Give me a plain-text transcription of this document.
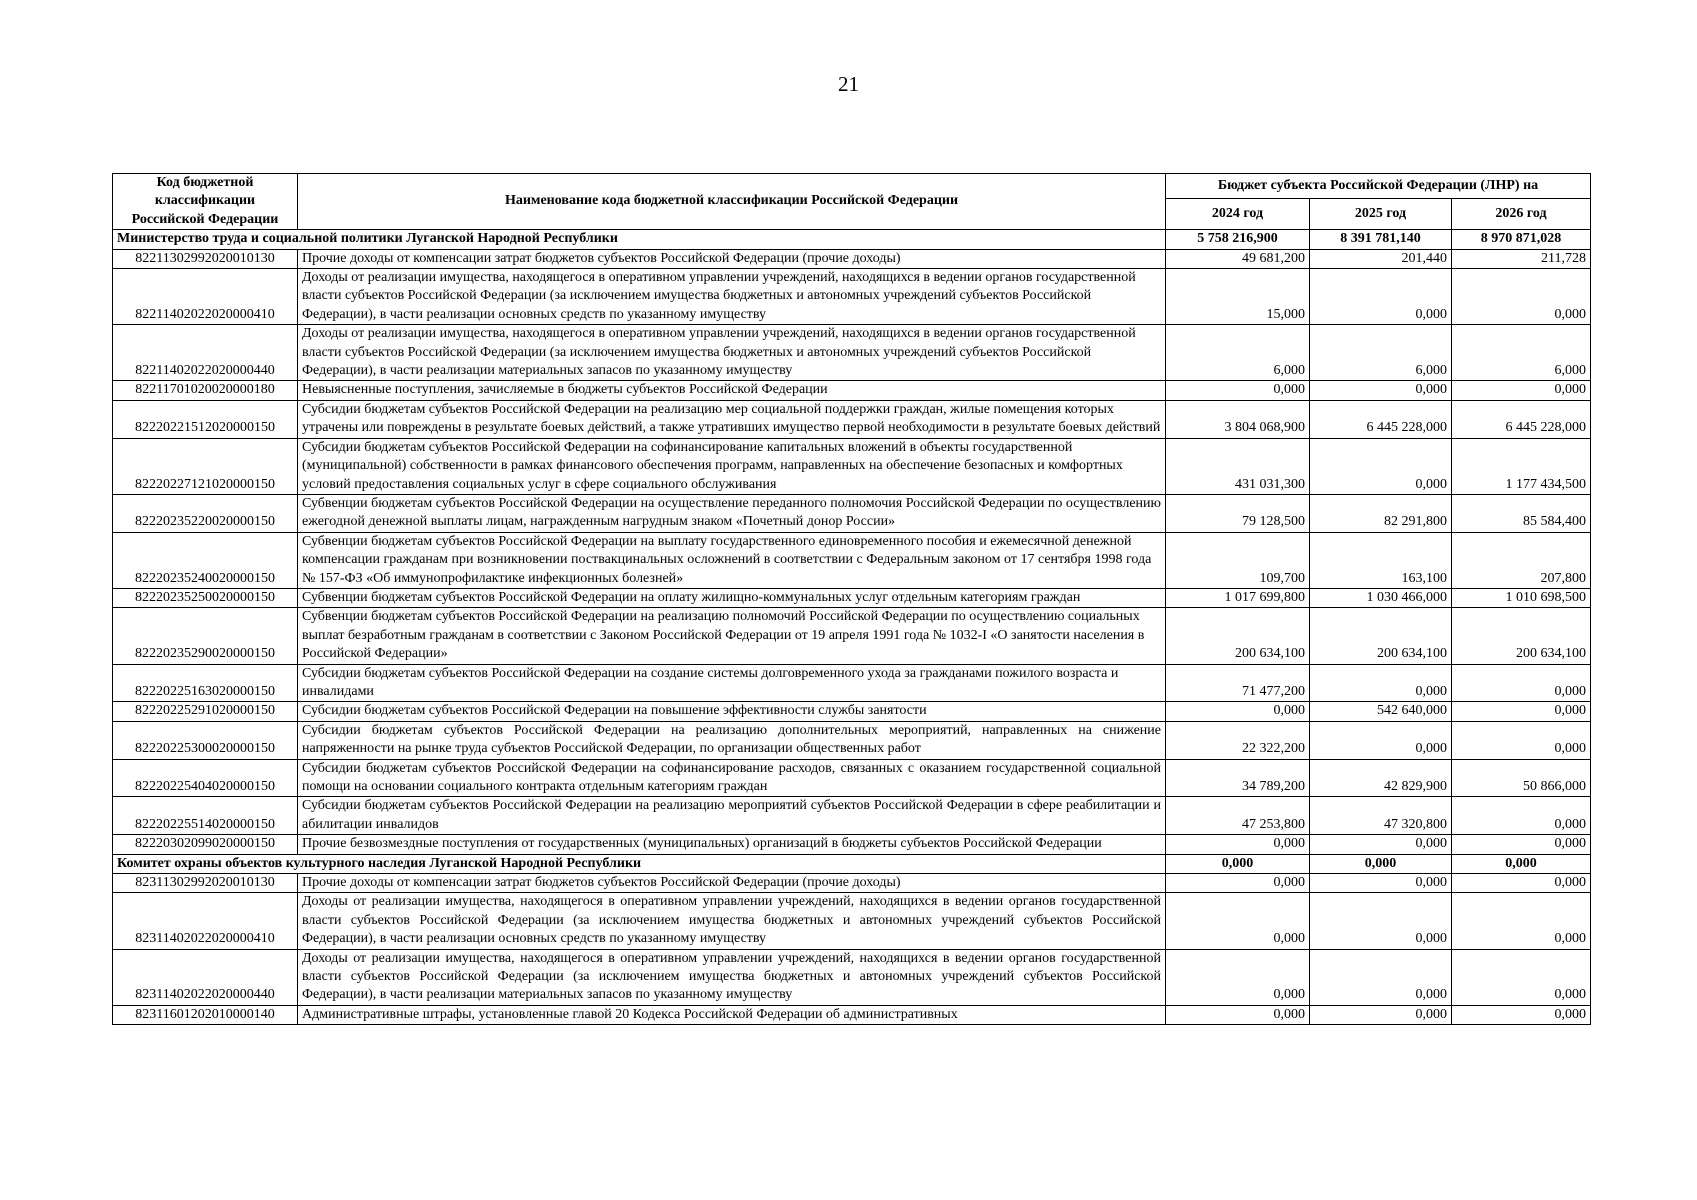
21
Код бюджетной классификации Российской Федерации	Наименование кода бюджетной классификации Российской Федерации	Бюджет субъекта Российской Федерации (ЛНР) на		
		2024 год	2025 год	2026 год
Министерство труда и социальной политики Луганской Народной Республики		5 758 216,900	8 391 781,140	8 970 871,028
82211302992020010130	Прочие доходы от компенсации затрат бюджетов субъектов Российской Федерации (прочие доходы)	49 681,200	201,440	211,728
82211402022020000410	Доходы от реализации имущества, находящегося в оперативном управлении учреждений, находящихся в ведении органов государственной власти субъектов Российской Федерации (за исключением имущества бюджетных и автономных учреждений субъектов Российской Федерации), в части реализации основных средств по указанному имуществу	15,000	0,000	0,000
82211402022020000440	Доходы от реализации имущества, находящегося в оперативном управлении учреждений, находящихся в ведении органов государственной власти субъектов Российской Федерации (за исключением имущества бюджетных и автономных учреждений субъектов Российской Федерации), в части реализации материальных запасов по указанному имуществу	6,000	6,000	6,000
82211701020020000180	Невыясненные поступления, зачисляемые в бюджеты субъектов Российской Федерации	0,000	0,000	0,000
82220221512020000150	Субсидии бюджетам субъектов Российской Федерации на реализацию мер социальной поддержки граждан, жилые помещения которых утрачены или повреждены в результате боевых действий, а также утративших имущество первой необходимости в результате боевых действий	3 804 068,900	6 445 228,000	6 445 228,000
82220227121020000150	Субсидии бюджетам субъектов Российской Федерации на софинансирование капитальных вложений в объекты государственной (муниципальной) собственности в рамках финансового обеспечения программ, направленных на обеспечение безопасных и комфортных условий предоставления социальных услуг в сфере социального обслуживания	431 031,300	0,000	1 177 434,500
82220235220020000150	Субвенции бюджетам субъектов Российской Федерации на осуществление переданного полномочия Российской Федерации по осуществлению ежегодной денежной выплаты лицам, награжденным нагрудным знаком «Почетный донор России»	79 128,500	82 291,800	85 584,400
82220235240020000150	Субвенции бюджетам субъектов Российской Федерации на выплату государственного единовременного пособия и ежемесячной денежной компенсации гражданам при возникновении поствакцинальных осложнений в соответствии с Федеральным законом от 17 сентября 1998 года № 157-ФЗ «Об иммунопрофилактике инфекционных болезней»	109,700	163,100	207,800
82220235250020000150	Субвенции бюджетам субъектов Российской Федерации на оплату жилищно-коммунальных услуг отдельным категориям граждан	1 017 699,800	1 030 466,000	1 010 698,500
82220235290020000150	Субвенции бюджетам субъектов Российской Федерации на реализацию полномочий Российской Федерации по осуществлению социальных выплат безработным гражданам в соответствии с Законом Российской Федерации от 19 апреля 1991 года № 1032-I «О занятости населения в Российской Федерации»	200 634,100	200 634,100	200 634,100
82220225163020000150	Субсидии бюджетам субъектов Российской Федерации на создание системы долговременного ухода за гражданами пожилого возраста и инвалидами	71 477,200	0,000	0,000
82220225291020000150	Субсидии бюджетам субъектов Российской Федерации на повышение эффективности службы занятости	0,000	542 640,000	0,000
82220225300020000150	Субсидии бюджетам субъектов Российской Федерации на реализацию дополнительных мероприятий, направленных на снижение напряженности на рынке труда субъектов Российской Федерации, по организации общественных работ	22 322,200	0,000	0,000
82220225404020000150	Субсидии бюджетам субъектов Российской Федерации на софинансирование расходов, связанных с оказанием государственной социальной помощи на основании социального контракта отдельным категориям граждан	34 789,200	42 829,900	50 866,000
82220225514020000150	Субсидии бюджетам субъектов Российской Федерации на реализацию мероприятий субъектов Российской Федерации в сфере реабилитации и абилитации инвалидов	47 253,800	47 320,800	0,000
82220302099020000150	Прочие безвозмездные поступления от государственных (муниципальных) организаций в бюджеты субъектов Российской Федерации	0,000	0,000	0,000
Комитет охраны объектов культурного наследия Луганской Народной Республики		0,000	0,000	0,000
82311302992020010130	Прочие доходы от компенсации затрат бюджетов субъектов Российской Федерации (прочие доходы)	0,000	0,000	0,000
82311402022020000410	Доходы от реализации имущества, находящегося в оперативном управлении учреждений, находящихся в ведении органов государственной власти субъектов Российской Федерации (за исключением имущества бюджетных и автономных учреждений субъектов Российской Федерации), в части реализации основных средств по указанному имуществу	0,000	0,000	0,000
82311402022020000440	Доходы от реализации имущества, находящегося в оперативном управлении учреждений, находящихся в ведении органов государственной власти субъектов Российской Федерации (за исключением имущества бюджетных и автономных учреждений субъектов Российской Федерации), в части реализации материальных запасов по указанному имуществу	0,000	0,000	0,000
82311601202010000140	Административные штрафы, установленные главой 20 Кодекса Российской Федерации об административных	0,000	0,000	0,000
